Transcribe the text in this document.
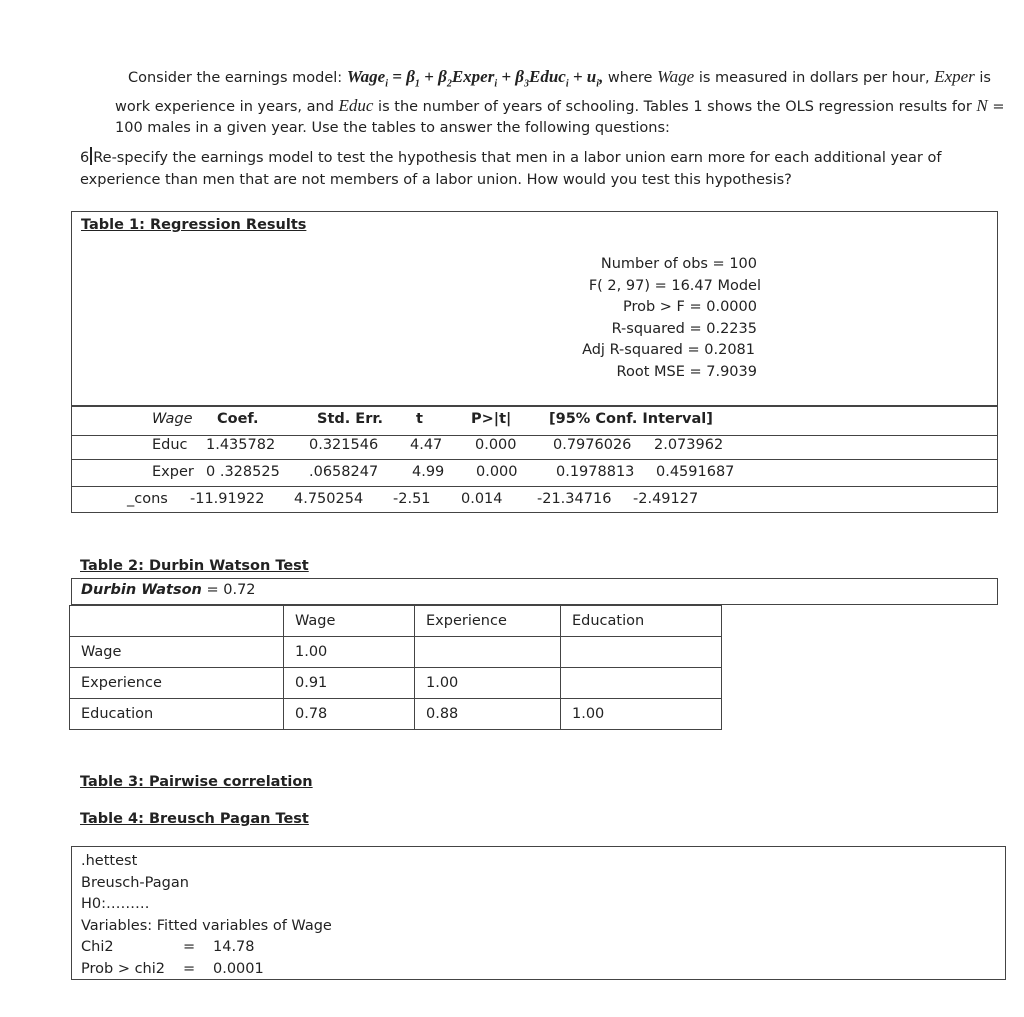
Consider the earnings model: Wage$_i$ = $\beta_1$ + $\beta_2Exper_i$ + $\beta_3Educ_i + u_i$, where Wage is measured in dollars per hour, Exper is work experience in years, and Educ is the number of years of schooling. Tables 1 shows the OLS regression results for N = 100 males in a given year. Use the tables to answer the following questions:
6 Re-specify the earnings model to test the hypothesis that men in a labor union earn more for each additional year of experience than men that are not members of a labor union. How would you test this hypothesis?
Table 1: Regression Results
Number of obs = 100
F( 2, 97) = 16.47 Model
Prob > F = 0.0000
R-squared = 0.2235
Adj R-squared = 0.2081
Root MSE = 7.9039
Wage Coef.	Std. Err. t	P>|t|	[95% Conf. Interval]
Educ 1.435782 0.321546 4.47 0.000	0.7976026 2.073962
Exper 0 .328525 .0658247 4.99 0.000	0.1978813 0.4591687
_cons -11.91922 4.750254 -2.51 0.014 -21.34716 -2.49127
Table 2: Durbin Watson Test
Durbin Watson = 0.72
	Wage	Experience	Education
Wage	1.00		
Experience	0.91	1.00	
Education	0.78	0.88	1.00
Table 3: Pairwise correlation
Table 4: Breusch Pagan Test
.hettest
Breusch-Pagan
H0:………
Variables: Fitted variables of Wage
Chi2	= 14.78
Prob > chi2 = 0.0001
